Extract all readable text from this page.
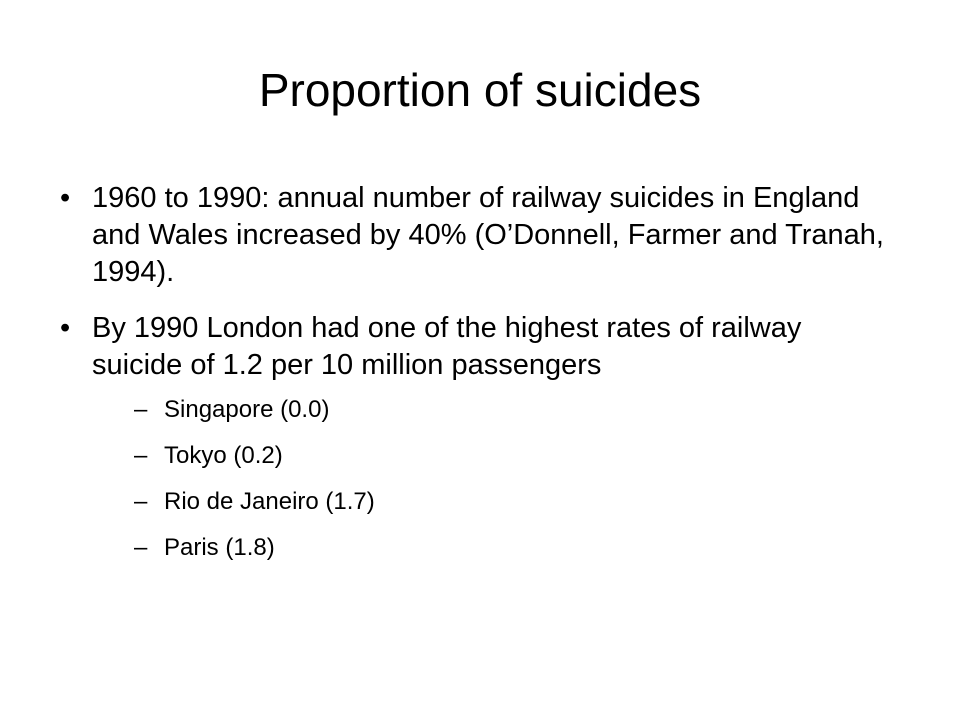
Proportion of suicides
• 1960 to 1990: annual number of railway suicides in England and Wales increased by 40% (O’Donnell, Farmer and Tranah, 1994).
• By 1990 London had one of the highest rates of railway suicide of 1.2 per 10 million passengers
– Singapore (0.0)
– Tokyo (0.2)
– Rio de Janeiro (1.7)
– Paris (1.8)
